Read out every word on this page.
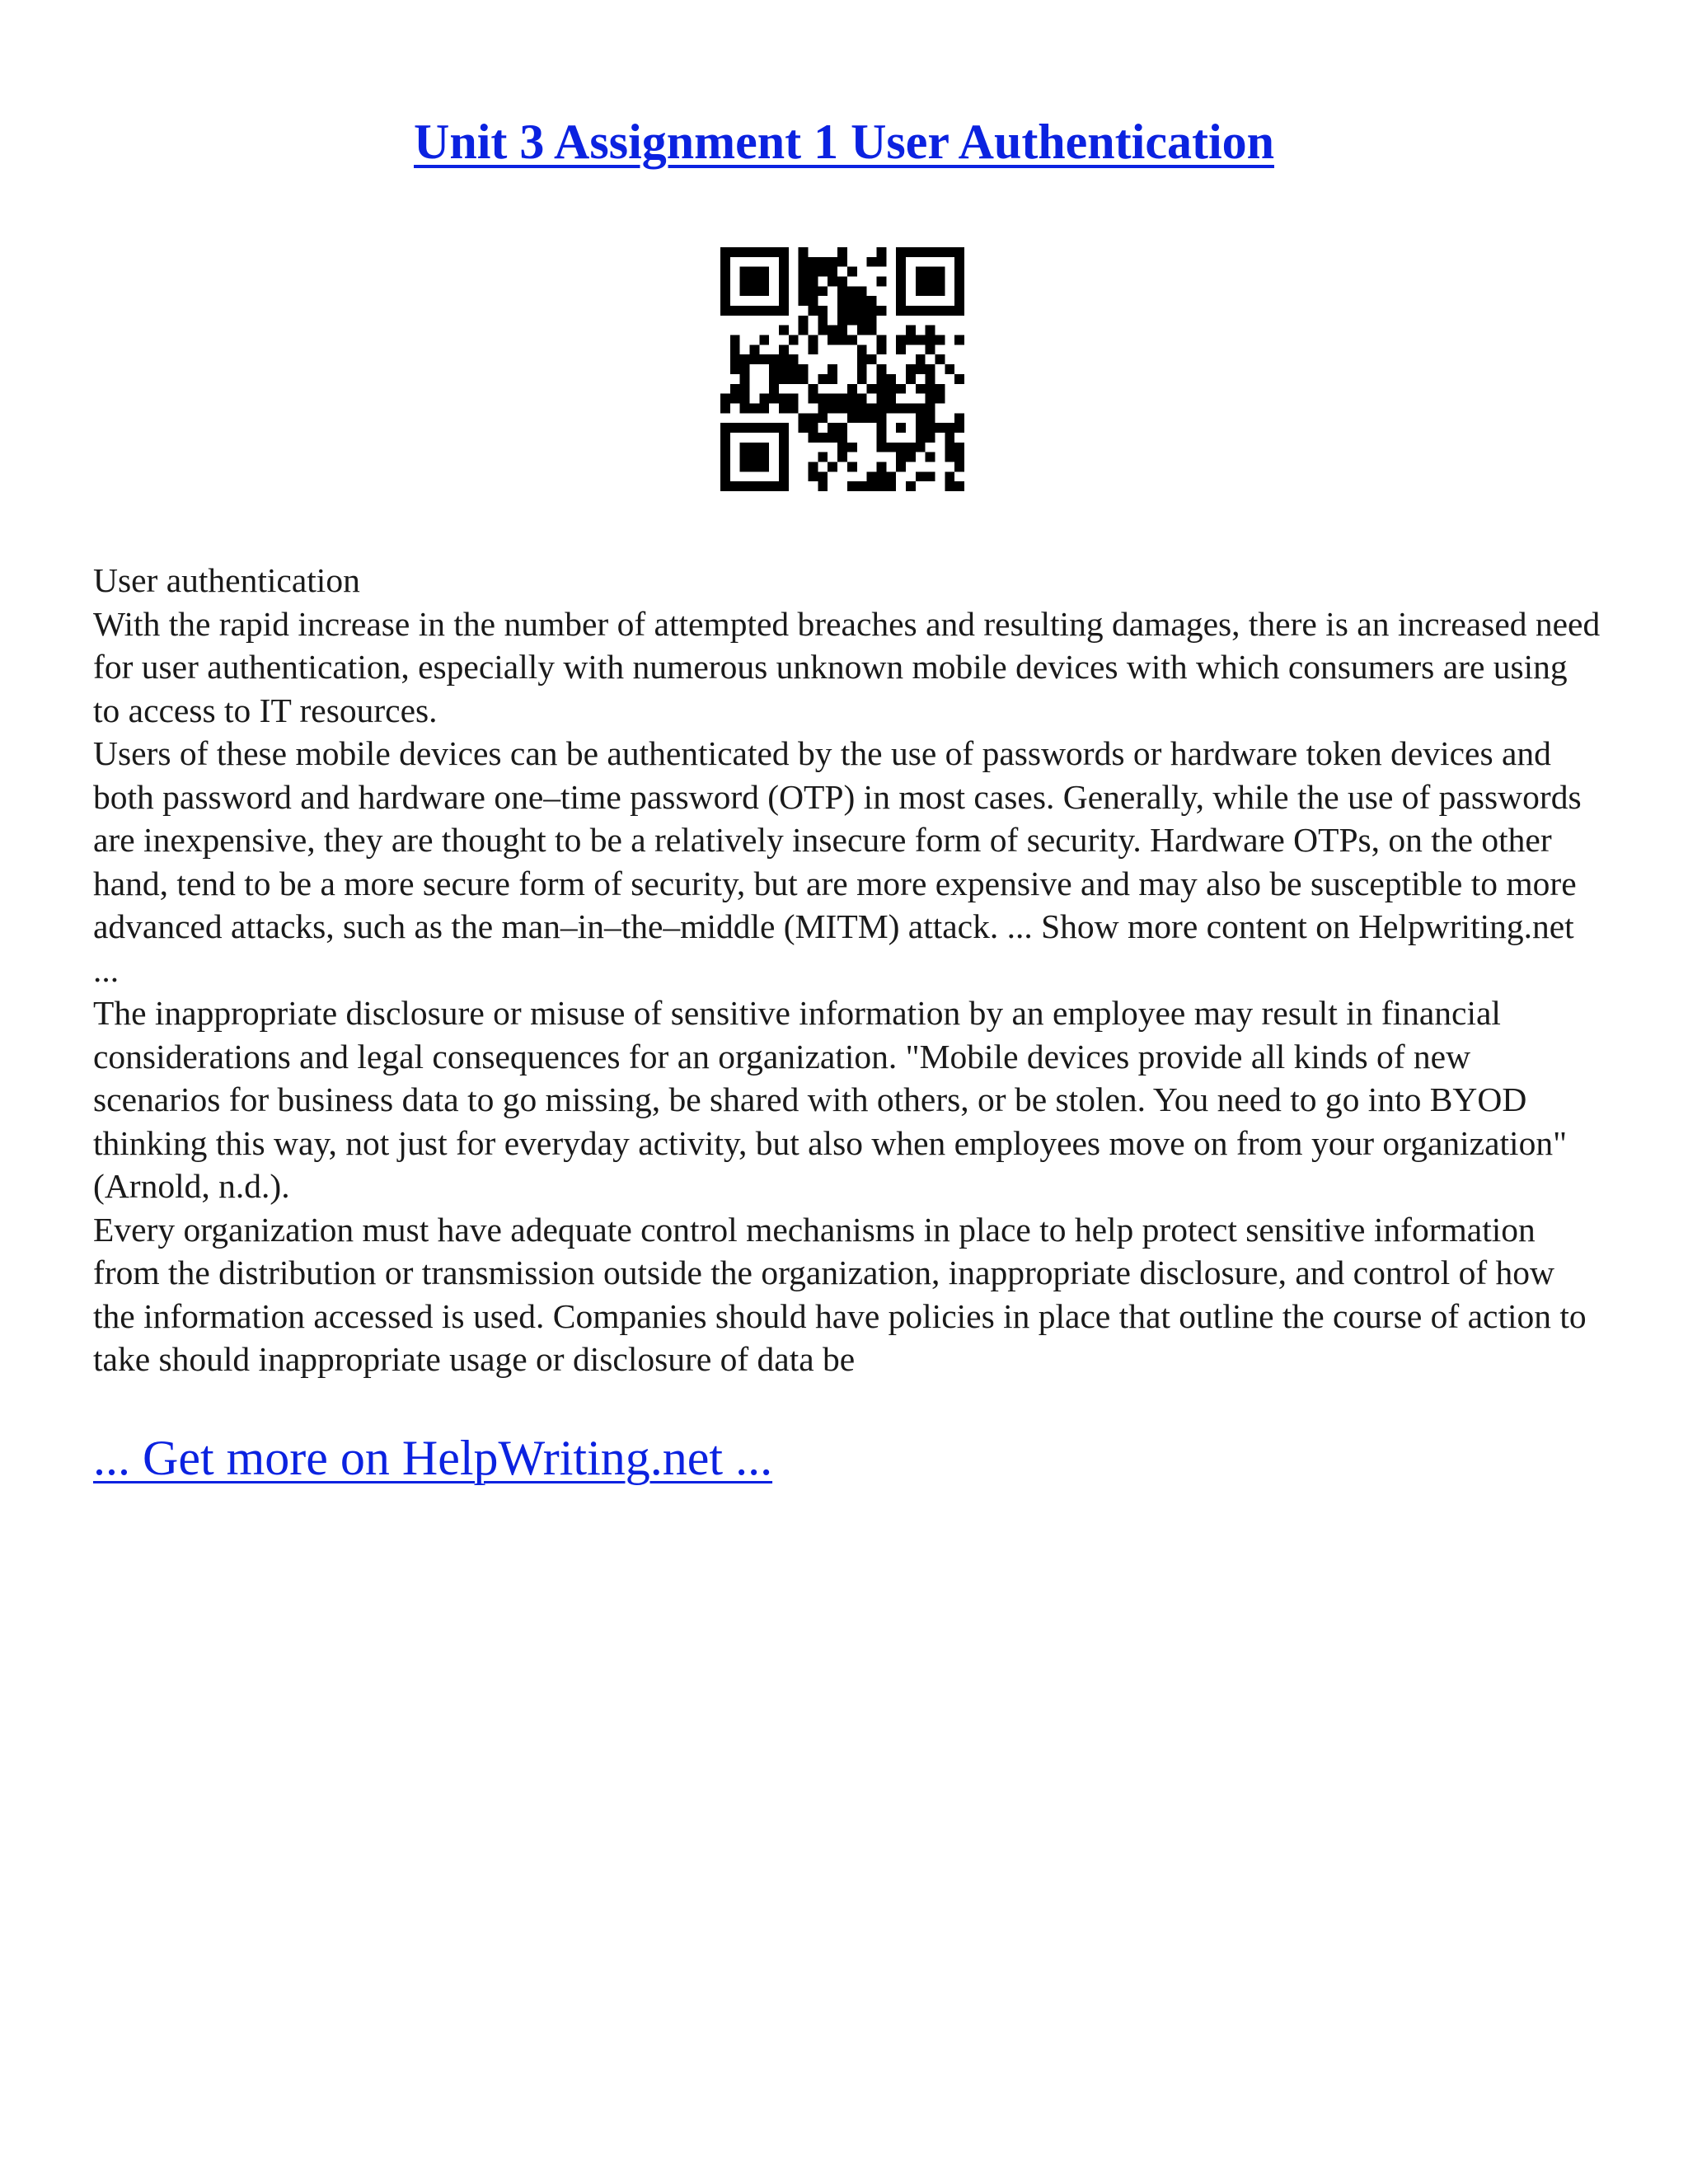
Unit 3 Assignment 1 User Authentication

User authentication

With the rapid increase in the number of attempted breaches and resulting damages, there is an increased need for user authentication, especially with numerous unknown mobile devices with which consumers are using to access to IT resources.

Users of these mobile devices can be authenticated by the use of passwords or hardware token devices and both password and hardware one–time password (OTP) in most cases. Generally, while the use of passwords are inexpensive, they are thought to be a relatively insecure form of security. Hardware OTPs, on the other hand, tend to be a more secure form of security, but are more expensive and may also be susceptible to more advanced attacks, such as the man–in–the–middle (MITM) attack. ... Show more content on Helpwriting.net ...

The inappropriate disclosure or misuse of sensitive information by an employee may result in financial considerations and legal consequences for an organization. "Mobile devices provide all kinds of new scenarios for business data to go missing, be shared with others, or be stolen. You need to go into BYOD thinking this way, not just for everyday activity, but also when employees move on from your organization" (Arnold, n.d.).

Every organization must have adequate control mechanisms in place to help protect sensitive information from the distribution or transmission outside the organization, inappropriate disclosure, and control of how the information accessed is used. Companies should have policies in place that outline the course of action to take should inappropriate usage or disclosure of data be

... Get more on HelpWriting.net ...
